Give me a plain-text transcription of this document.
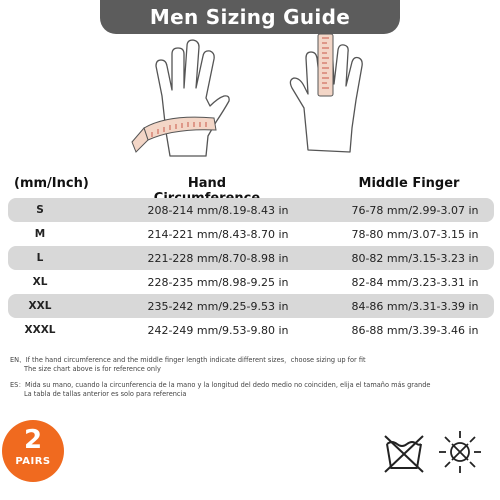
Men Sizing Guide
(mm/Inch)	Hand	Middle Finger
S	208-214 mm/8.19-8.43 in	76-78 mm/2.99-3.07 in
M	214-221 mm/8.43-8.70 in	78-80 mm/3.07-3.15 in
L	221-228 mm/8.70-8.98 in	80-82 mm/3.15-3.23 in
XL	228-235 mm/8.98-9.25 in	82-84 mm/3.23-3.31 in
XXL	235-242 mm/9.25-9.53 in	84-86 mm/3.31-3.39 in
XXXL	242-249 mm/9.53-9.80 in	86-88 mm/3.39-3.46 in
EN、If the hand circumference and the middle finger length indicate different sizes，choose sizing up for fit
The size chart above is for reference only
ES：Mida su mano, cuando la circunferencia de la mano y la longitud del dedo medio no coinciden, elija el tamaño más grande
La tabla de tallas anterior es solo para referencia
2
PAIRS
